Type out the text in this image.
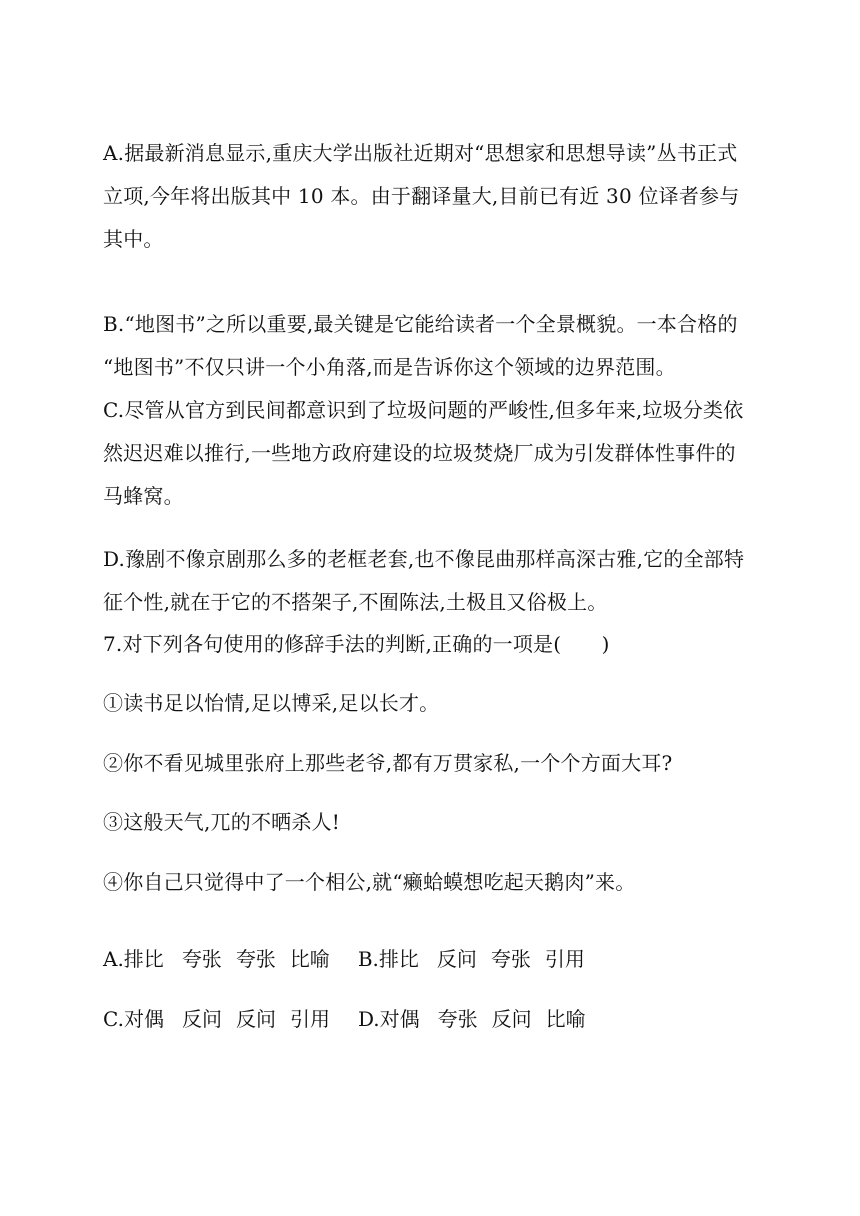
A.据最新消息显示,重庆大学出版社近期对“思想家和思想导读”丛书正式
立项,今年将出版其中 10 本。由于翻译量大,目前已有近 30 位译者参与
其中。
B.“地图书”之所以重要,最关键是它能给读者一个全景概貌。一本合格的
“地图书”不仅只讲一个小角落,而是告诉你这个领域的边界范围。
C.尽管从官方到民间都意识到了垃圾问题的严峻性,但多年来,垃圾分类依
然迟迟难以推行,一些地方政府建设的垃圾焚烧厂成为引发群体性事件的
马蜂窝。
D.豫剧不像京剧那么多的老框老套,也不像昆曲那样高深古雅,它的全部特
征个性,就在于它的不搭架子,不囿陈法,土极且又俗极上。
7.对下列各句使用的修辞手法的判断,正确的一项是(　　)
①读书足以怡情,足以博采,足以长才。
②你不看见城里张府上那些老爷,都有万贯家私,一个个方面大耳?
③这般天气,兀的不晒杀人!
④你自己只觉得中了一个相公,就“癞蛤蟆想吃起天鹅肉”来。
A.排比 夸张 夸张 比喻 B.排比 反问 夸张 引用
C.对偶 反问 反问 引用 D.对偶 夸张 反问 比喻
